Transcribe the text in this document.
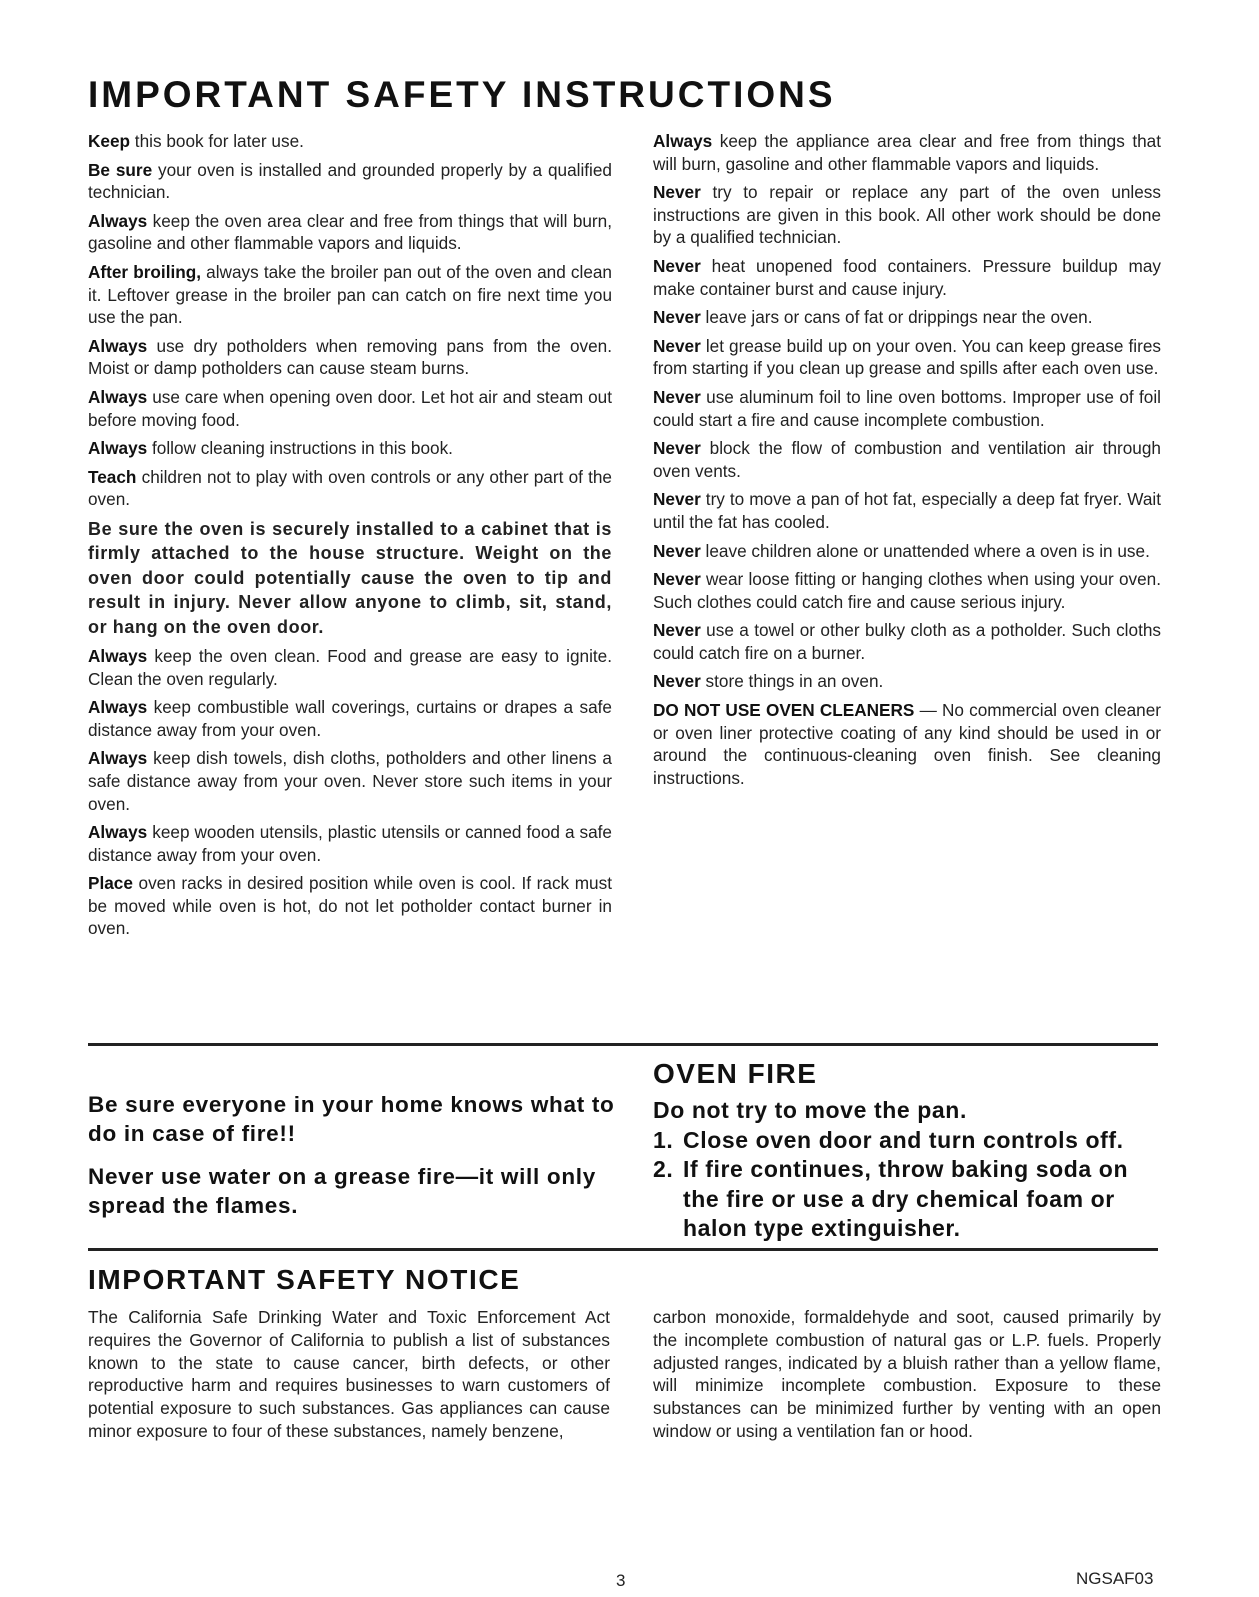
IMPORTANT SAFETY INSTRUCTIONS

Keep this book for later use.

Be sure your oven is installed and grounded properly by a qualified technician.

Always keep the oven area clear and free from things that will burn, gasoline and other flammable vapors and liquids.

After broiling, always take the broiler pan out of the oven and clean it. Leftover grease in the broiler pan can catch on fire next time you use the pan.

Always use dry potholders when removing pans from the oven. Moist or damp potholders can cause steam burns.

Always use care when opening oven door. Let hot air and steam out before moving food.

Always follow cleaning instructions in this book.

Teach children not to play with oven controls or any other part of the oven.

Be sure the oven is securely installed to a cabinet that is firmly attached to the house structure. Weight on the oven door could potentially cause the oven to tip and result in injury. Never allow anyone to climb, sit, stand, or hang on the oven door.

Always keep the oven clean. Food and grease are easy to ignite. Clean the oven regularly.

Always keep combustible wall coverings, curtains or drapes a safe distance away from your oven.

Always keep dish towels, dish cloths, potholders and other linens a safe distance away from your oven. Never store such items in your oven.

Always keep wooden utensils, plastic utensils or canned food a safe distance away from your oven.

Place oven racks in desired position while oven is cool. If rack must be moved while oven is hot, do not let potholder contact burner in oven.

Always keep the appliance area clear and free from things that will burn, gasoline and other flammable vapors and liquids.

Never try to repair or replace any part of the oven unless instructions are given in this book. All other work should be done by a qualified technician.

Never heat unopened food containers. Pressure buildup may make container burst and cause injury.

Never leave jars or cans of fat or drippings near the oven.

Never let grease build up on your oven. You can keep grease fires from starting if you clean up grease and spills after each oven use.

Never use aluminum foil to line oven bottoms. Improper use of foil could start a fire and cause incomplete combustion.

Never block the flow of combustion and ventilation air through oven vents.

Never try to move a pan of hot fat, especially a deep fat fryer. Wait until the fat has cooled.

Never leave children alone or unattended where a oven is in use.

Never wear loose fitting or hanging clothes when using your oven. Such clothes could catch fire and cause serious injury.

Never use a towel or other bulky cloth as a potholder. Such cloths could catch fire on a burner.

Never store things in an oven.

DO NOT USE OVEN CLEANERS — No commercial oven cleaner or oven liner protective coating of any kind should be used in or around the continuous-cleaning oven finish. See cleaning instructions.

Be sure everyone in your home knows what to do in case of fire!!

Never use water on a grease fire—it will only spread the flames.

OVEN FIRE
Do not try to move the pan.
1. Close oven door and turn controls off.
2. If fire continues, throw baking soda on the fire or use a dry chemical foam or halon type extinguisher.
IMPORTANT SAFETY NOTICE
The California Safe Drinking Water and Toxic Enforcement Act requires the Governor of California to publish a list of substances known to the state to cause cancer, birth defects, or other reproductive harm and requires businesses to warn customers of potential exposure to such substances. Gas appliances can cause minor exposure to four of these substances, namely benzene,
carbon monoxide, formaldehyde and soot, caused primarily by the incomplete combustion of natural gas or L.P. fuels. Properly adjusted ranges, indicated by a bluish rather than a yellow flame, will minimize incomplete combustion. Exposure to these substances can be minimized further by venting with an open window or using a ventilation fan or hood.
3	NGSAF03
